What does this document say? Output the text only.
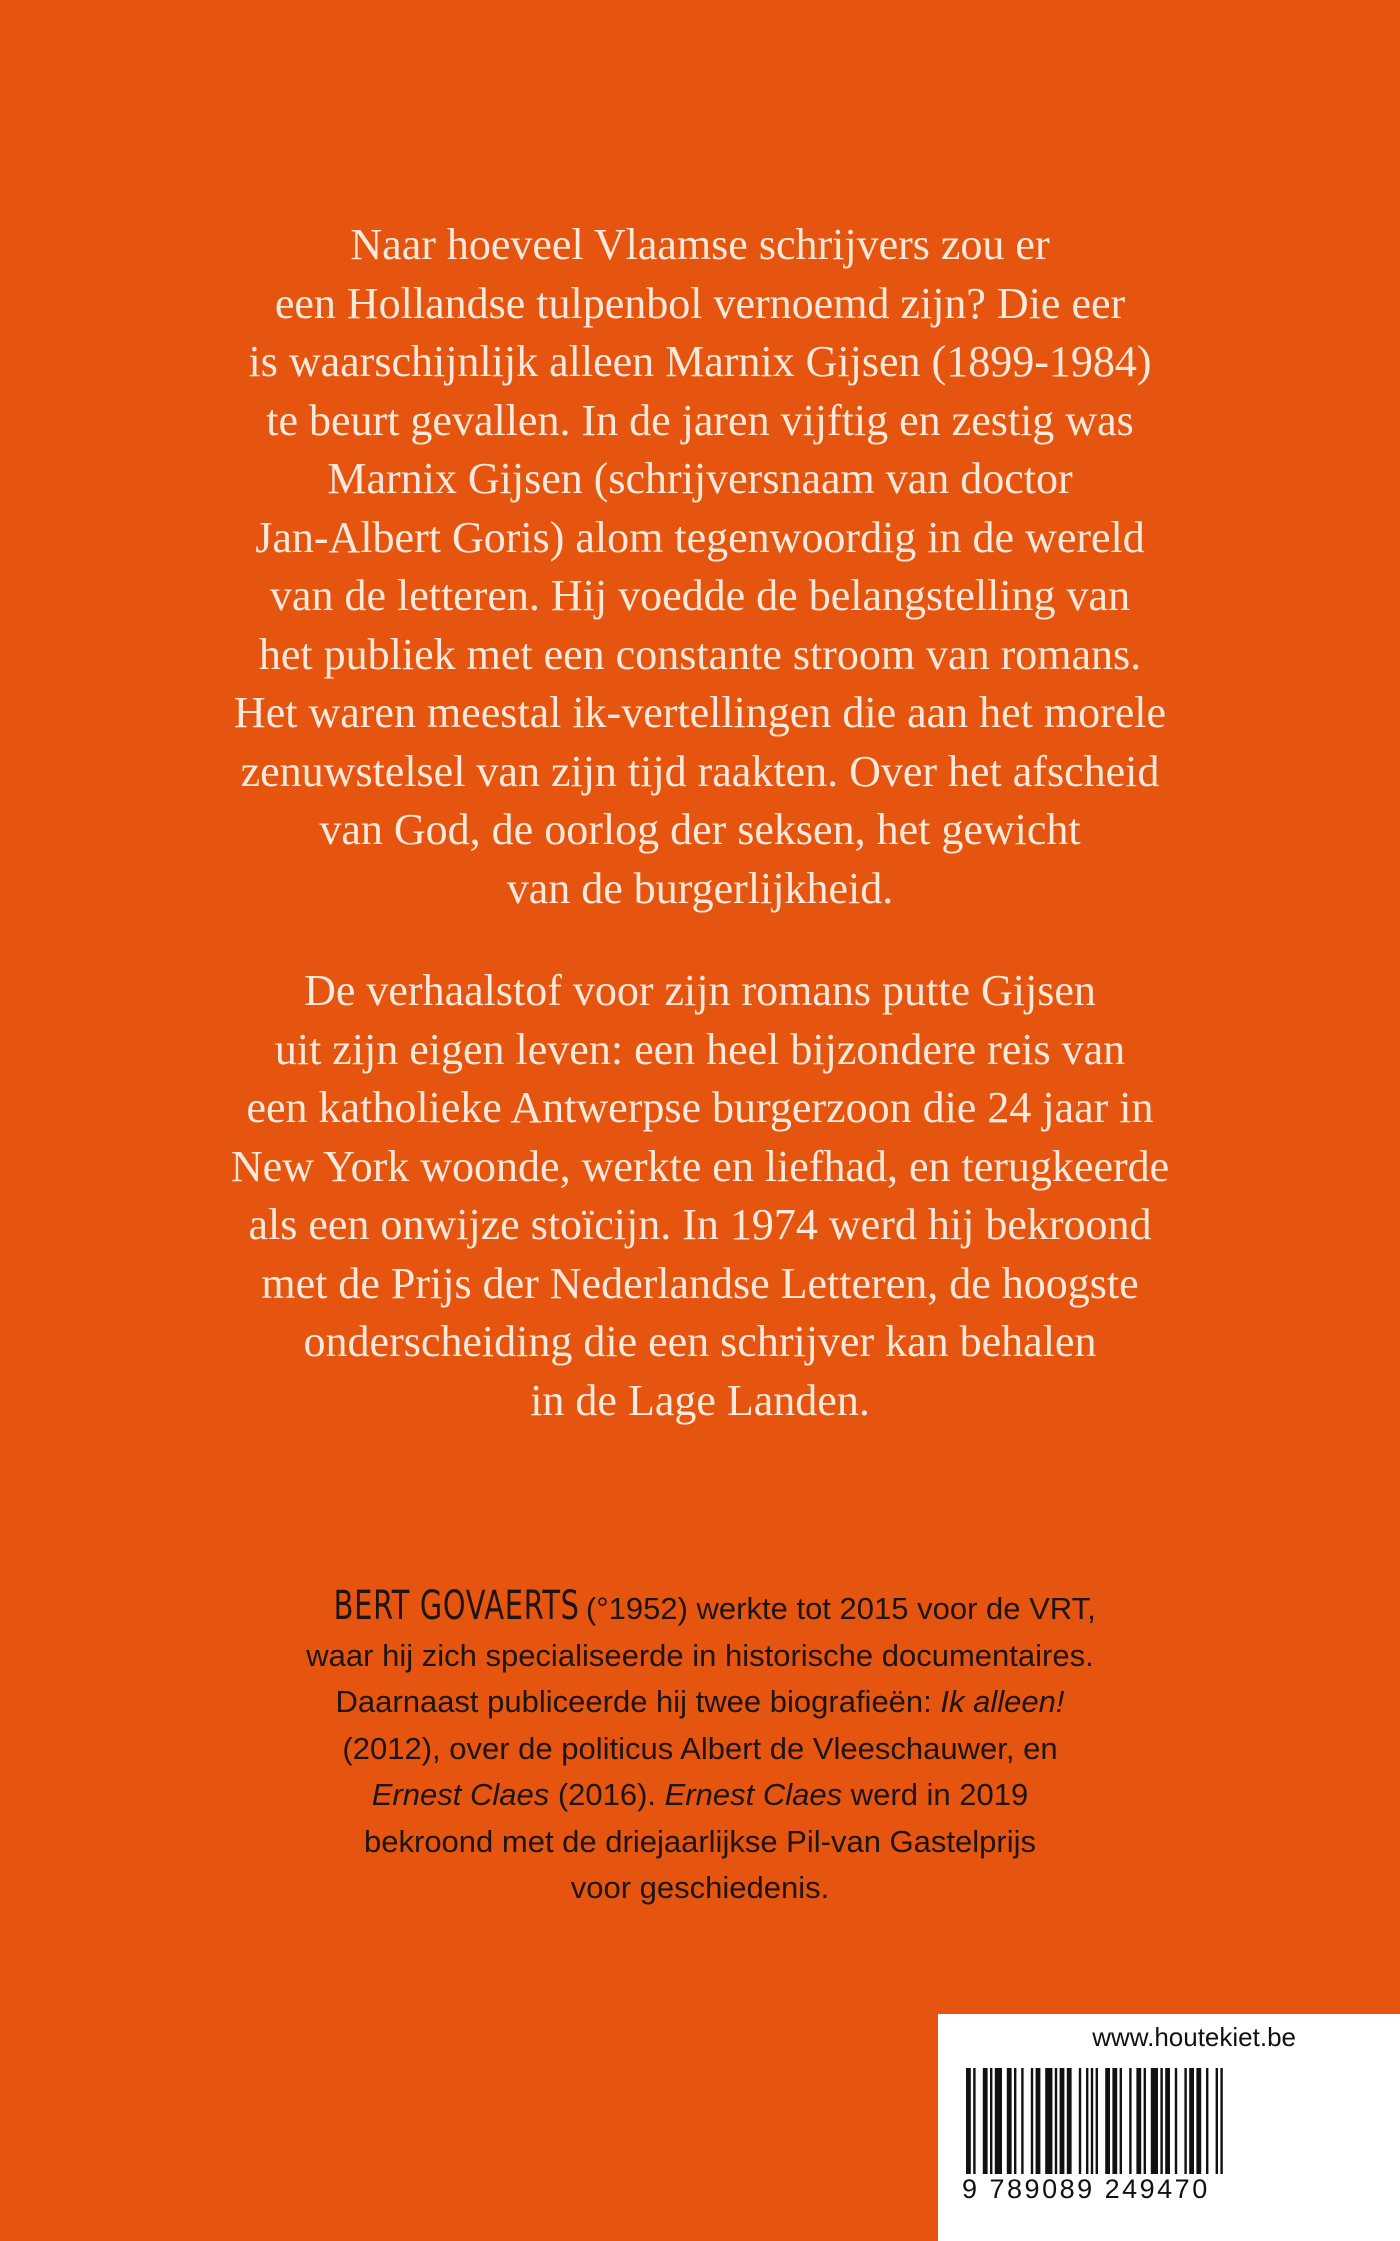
Naar hoeveel Vlaamse schrijvers zou er
een Hollandse tulpenbol vernoemd zijn? Die eer
is waarschijnlijk alleen Marnix Gijsen (1899-1984)
te beurt gevallen. In de jaren vijftig en zestig was
Marnix Gijsen (schrijversnaam van doctor
Jan-Albert Goris) alom tegenwoordig in de wereld
van de letteren. Hij voedde de belangstelling van
het publiek met een constante stroom van romans.
Het waren meestal ik-vertellingen die aan het morele
zenuwstelsel van zijn tijd raakten. Over het afscheid
van God, de oorlog der seksen, het gewicht
van de burgerlijkheid.
De verhaalstof voor zijn romans putte Gijsen
uit zijn eigen leven: een heel bijzondere reis van
een katholieke Antwerpse burgerzoon die 24 jaar in
New York woonde, werkte en liefhad, en terugkeerde
als een onwijze stoïcijn. In 1974 werd hij bekroond
met de Prijs der Nederlandse Letteren, de hoogste
onderscheiding die een schrijver kan behalen
in de Lage Landen.
BERT GOVAERTS (°1952) werkte tot 2015 voor de VRT,
waar hij zich specialiseerde in historische documentaires.
Daarnaast publiceerde hij twee biografieën: Ik alleen!
(2012), over de politicus Albert de Vleeschauwer, en
Ernest Claes (2016). Ernest Claes werd in 2019
bekroond met de driejaarlijkse Pil-van Gastelprijs
voor geschiedenis.
www.houtekiet.be
9 789089 249470
